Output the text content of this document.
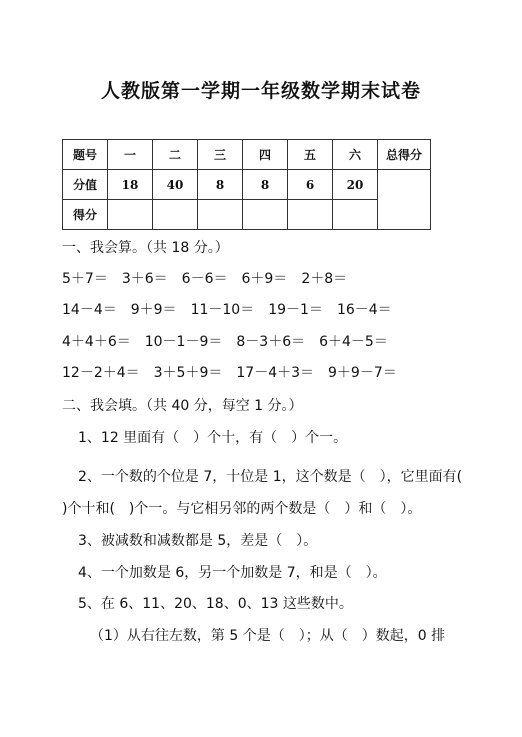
人教版第一学期一年级数学期末试卷
题号	一	二	三	四	五	六	总得分
分值	18	40	8	8	6	20	
得分							
一、我会算。（共 18 分。）
5＋7＝ 3＋6＝ 6－6＝ 6＋9＝ 2＋8＝
14－4＝ 9＋9＝ 11－10＝ 19－1＝ 16－4＝
4＋4＋6＝ 10－1－9＝ 8－3＋6＝ 6＋4－5＝
12－2＋4＝ 3＋5＋9＝ 17－4＋3＝ 9＋9－7＝
二、我会填。（共 40 分，每空 1 分。）
1、12 里面有（　）个十，有（　）个一。
2、一个数的个位是 7，十位是 1，这个数是（　），它里面有(
)个十和(　)个一。与它相另邻的两个数是（　）和（　）。
3、被减数和减数都是 5，差是（　）。
4、一个加数是 6，另一个加数是 7，和是（　）。
5、在 6、11、20、18、0、13 这些数中。
（1）从右往左数，第 5 个是（　）；从（　）数起，0 排
